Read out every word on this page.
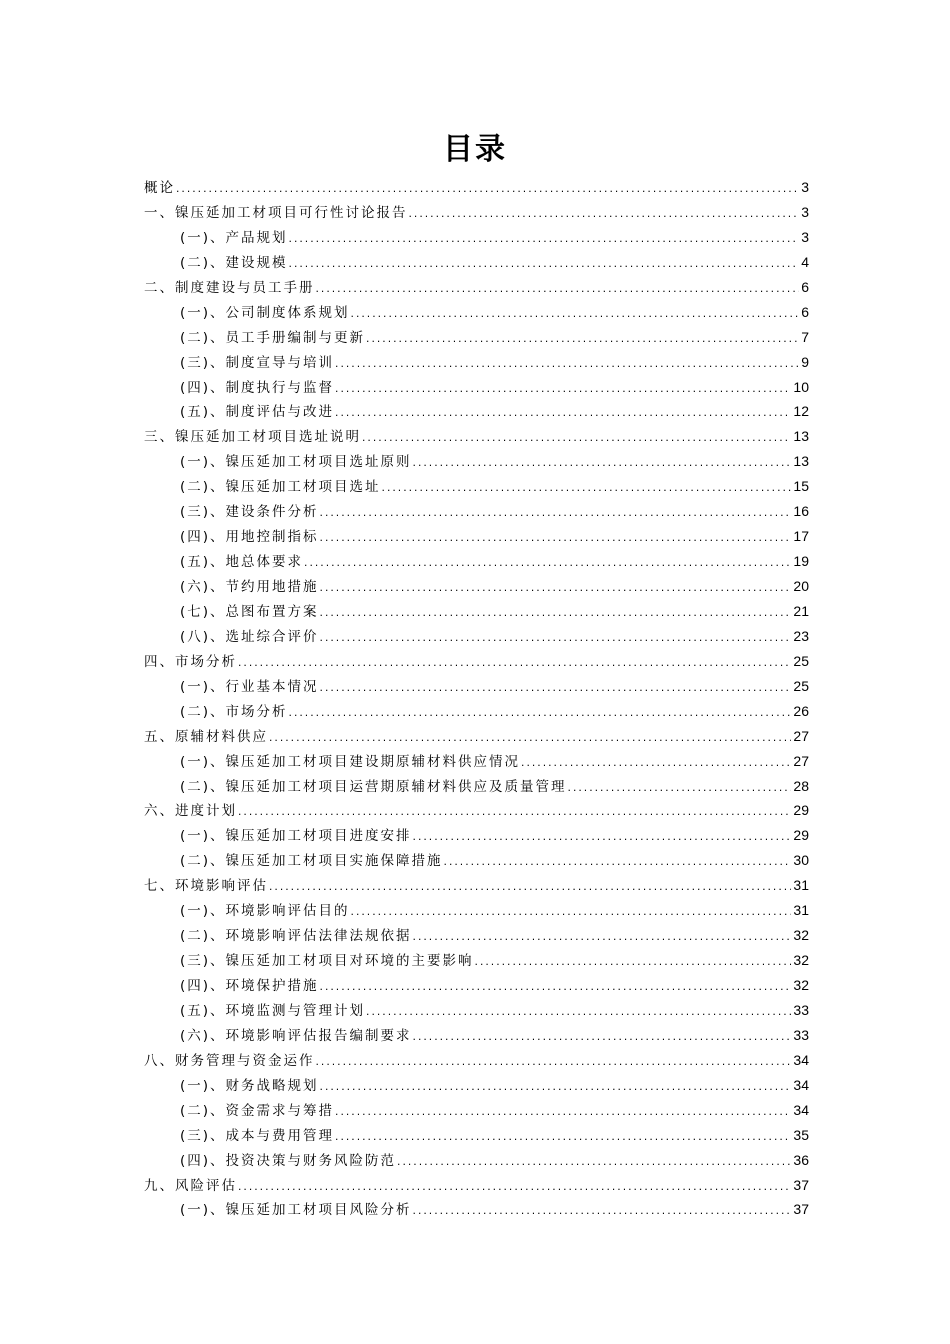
目录
概论 .....	3
一、镍压延加工材项目可行性讨论报告 .....	3
(一)、产品规划 .....	3
(二)、建设规模 .....	4
二、制度建设与员工手册 .....	6
(一)、公司制度体系规划 .....	6
(二)、员工手册编制与更新 .....	7
(三)、制度宣导与培训 .....	9
(四)、制度执行与监督 .....	10
(五)、制度评估与改进 .....	12
三、镍压延加工材项目选址说明 .....	13
(一)、镍压延加工材项目选址原则 .....	13
(二)、镍压延加工材项目选址 .....	15
(三)、建设条件分析 .....	16
(四)、用地控制指标 .....	17
(五)、地总体要求 .....	19
(六)、节约用地措施 .....	20
(七)、总图布置方案 .....	21
(八)、选址综合评价 .....	23
四、市场分析 .....	25
(一)、行业基本情况 .....	25
(二)、市场分析 .....	26
五、原辅材料供应 .....	27
(一)、镍压延加工材项目建设期原辅材料供应情况 .....	27
(二)、镍压延加工材项目运营期原辅材料供应及质量管理 .....	28
六、进度计划 .....	29
(一)、镍压延加工材项目进度安排 .....	29
(二)、镍压延加工材项目实施保障措施 .....	30
七、环境影响评估 .....	31
(一)、环境影响评估目的 .....	31
(二)、环境影响评估法律法规依据 .....	32
(三)、镍压延加工材项目对环境的主要影响 .....	32
(四)、环境保护措施 .....	32
(五)、环境监测与管理计划 .....	33
(六)、环境影响评估报告编制要求 .....	33
八、财务管理与资金运作 .....	34
(一)、财务战略规划 .....	34
(二)、资金需求与筹措 .....	34
(三)、成本与费用管理 .....	35
(四)、投资决策与财务风险防范 .....	36
九、风险评估 .....	37
(一)、镍压延加工材项目风险分析 .....	37
